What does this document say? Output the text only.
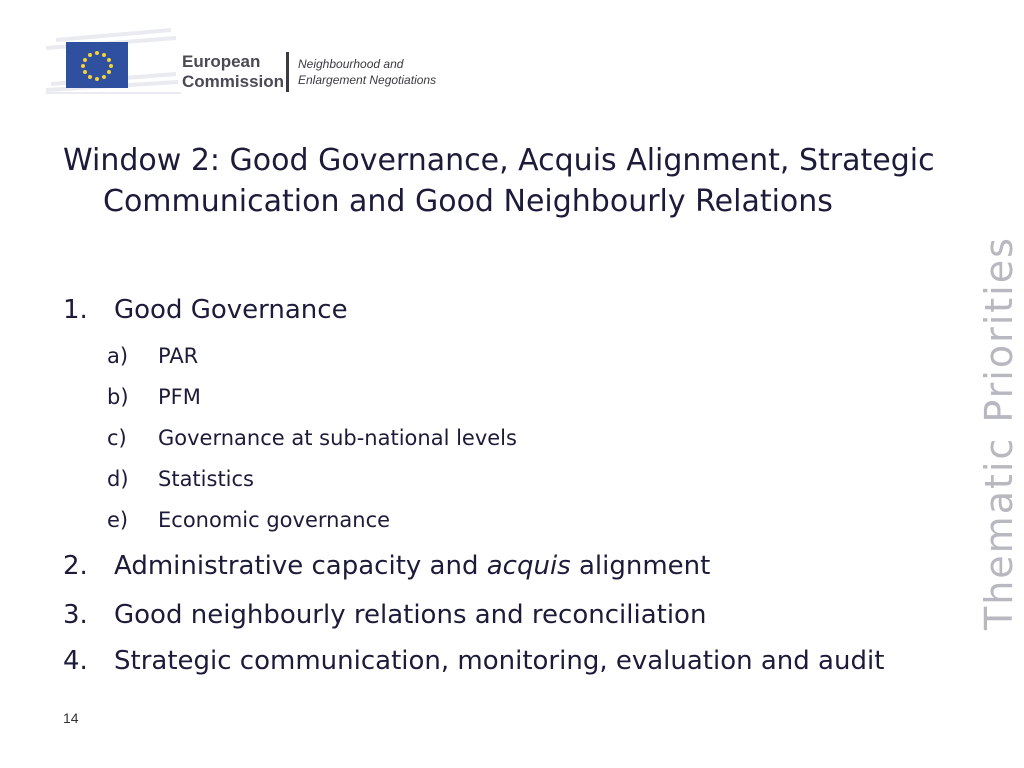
European
Commission
Neighbourhood and
Enlargement Negotiations
Window 2: Good Governance, Acquis Alignment, Strategic Communication and Good Neighbourly Relations
Thematic Priorities
1. Good Governance
a) PAR
b) PFM
c) Governance at sub-national levels
d) Statistics
e) Economic governance
2. Administrative capacity and acquis alignment
3. Good neighbourly relations and reconciliation
4. Strategic communication, monitoring, evaluation and audit
14
